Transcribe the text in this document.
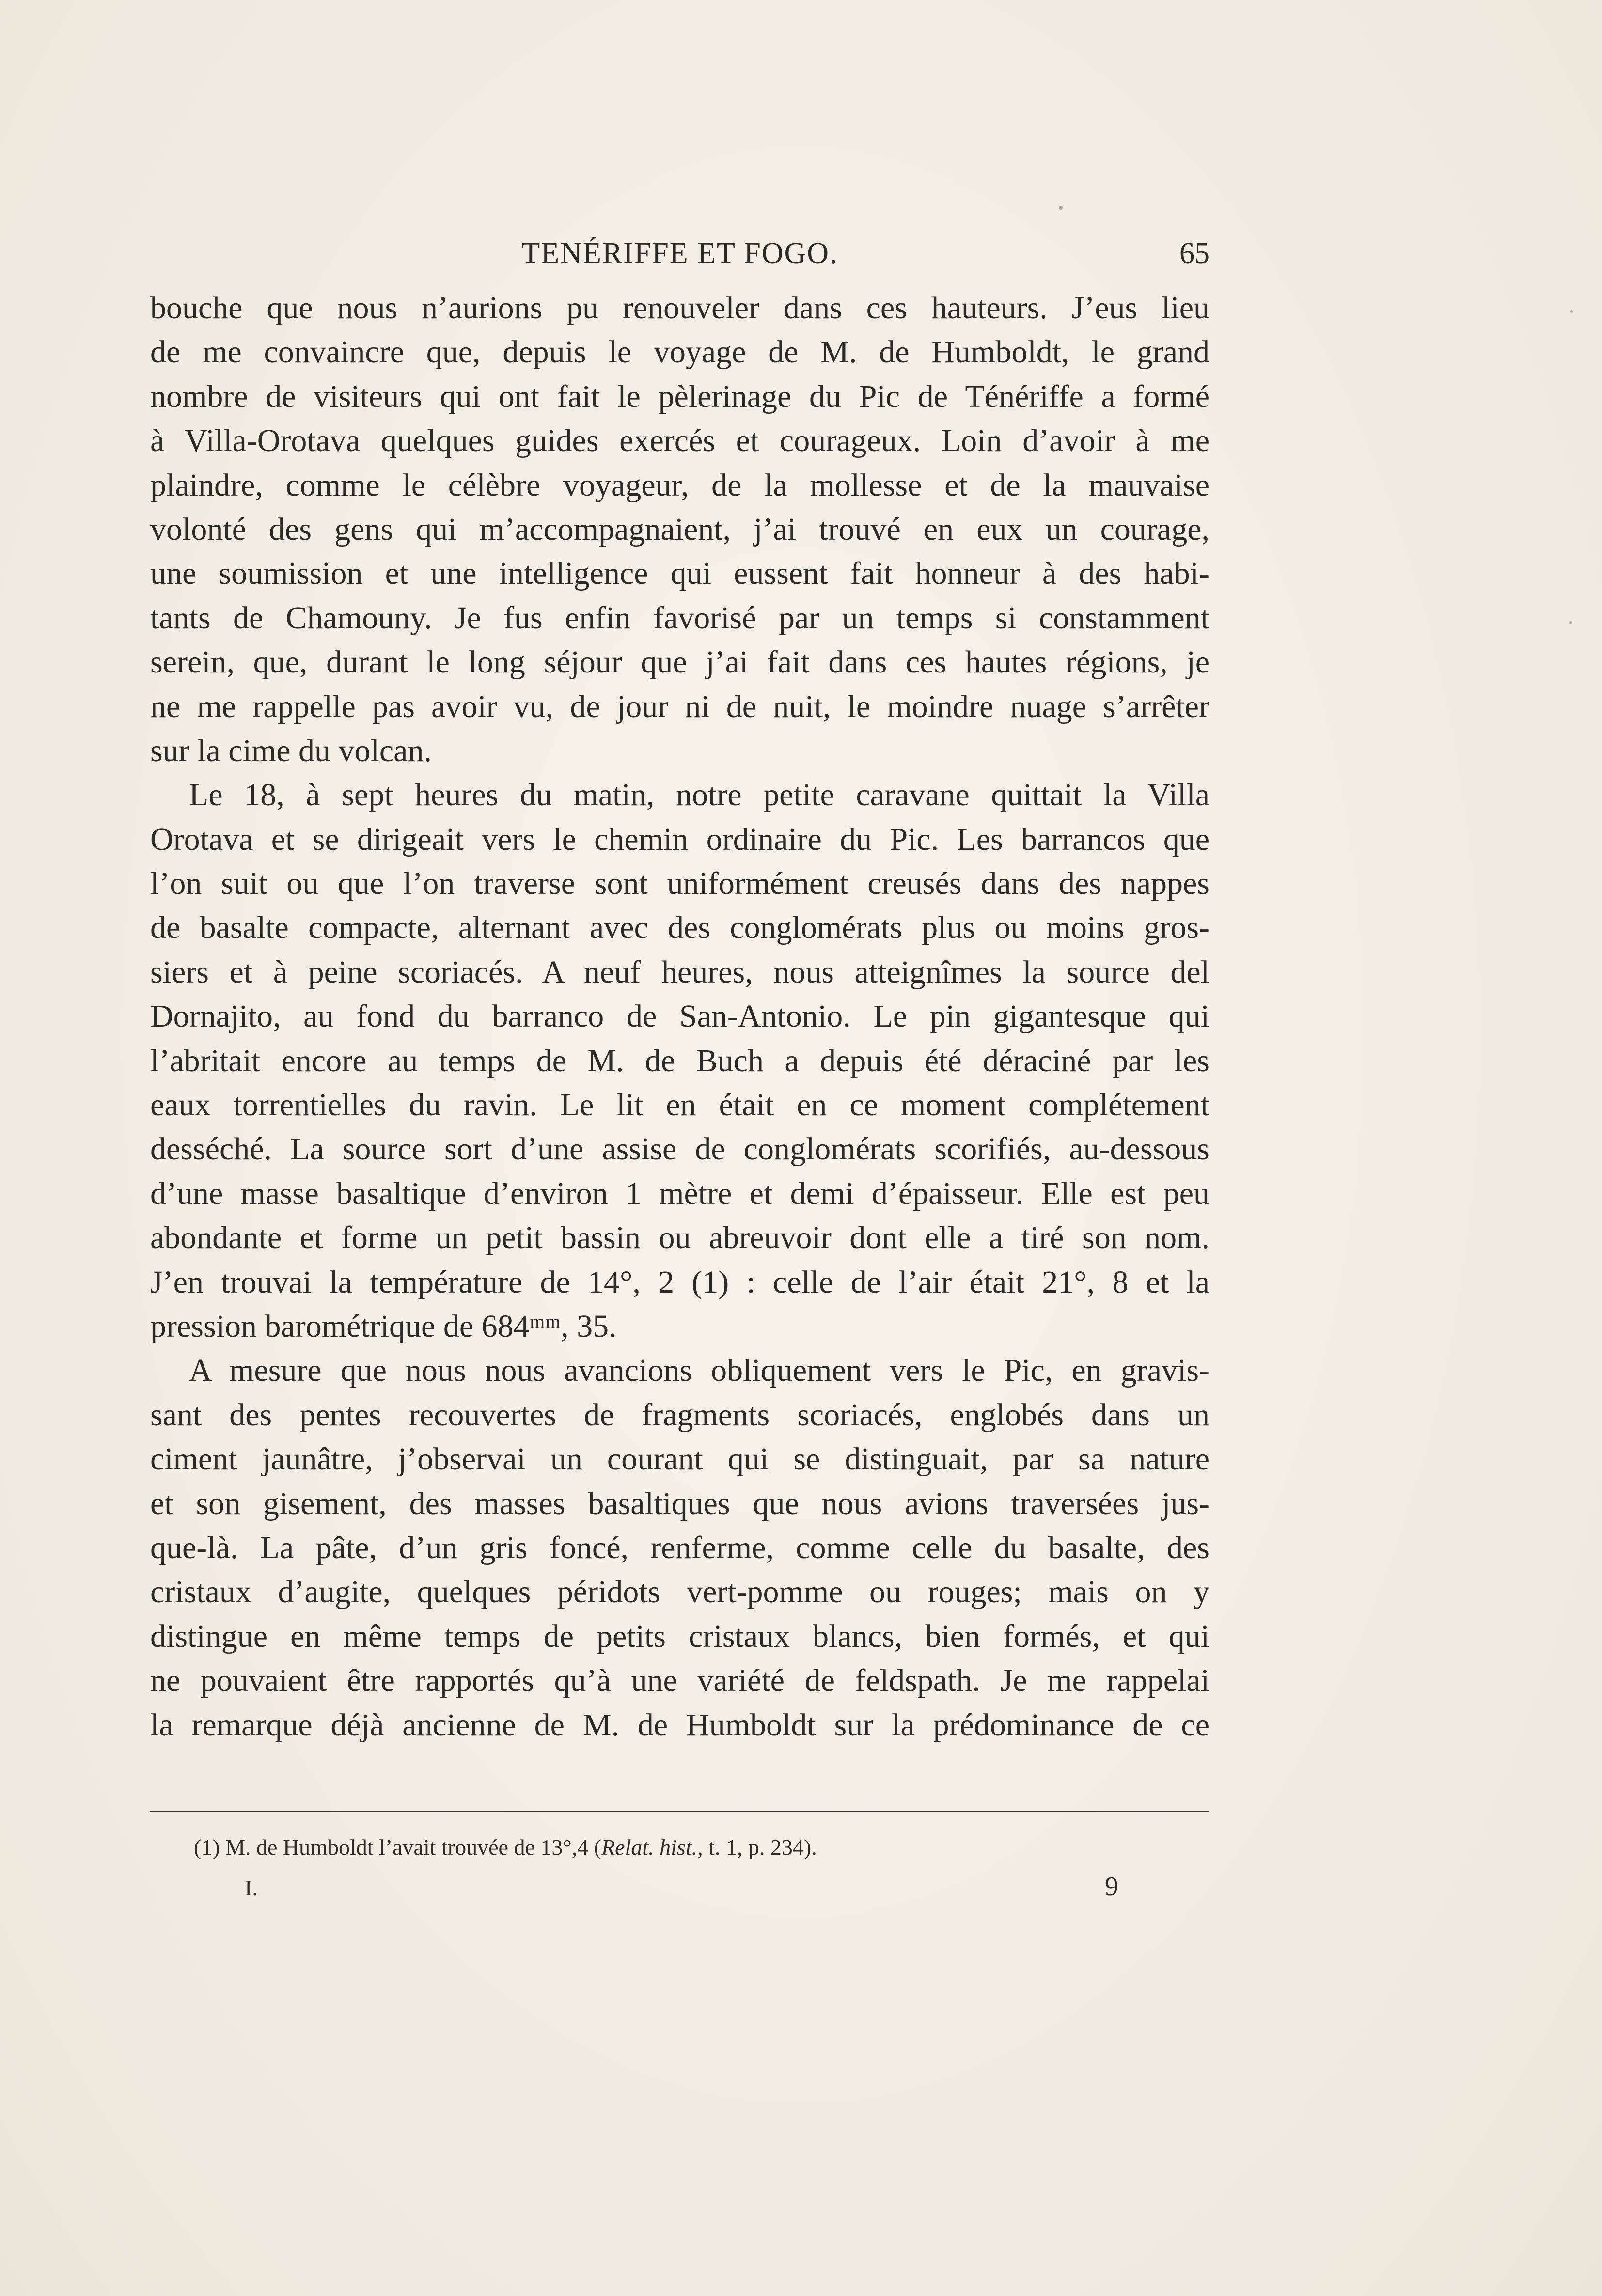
TENÉRIFFE ET FOGO.	65
bouche que nous n’aurions pu renouveler dans ces hauteurs. J’eus lieu
de me convaincre que, depuis le voyage de M. de Humboldt, le grand
nombre de visiteurs qui ont fait le pèlerinage du Pic de Ténériffe a formé
à Villa-Orotava quelques guides exercés et courageux. Loin d’avoir à me
plaindre, comme le célèbre voyageur, de la mollesse et de la mauvaise
volonté des gens qui m’accompagnaient, j’ai trouvé en eux un courage,
une soumission et une intelligence qui eussent fait honneur à des habi-
tants de Chamouny. Je fus enfin favorisé par un temps si constamment
serein, que, durant le long séjour que j’ai fait dans ces hautes régions, je
ne me rappelle pas avoir vu, de jour ni de nuit, le moindre nuage s’arrêter
sur la cime du volcan.
Le 18, à sept heures du matin, notre petite caravane quittait la Villa
Orotava et se dirigeait vers le chemin ordinaire du Pic. Les barrancos que
l’on suit ou que l’on traverse sont uniformément creusés dans des nappes
de basalte compacte, alternant avec des conglomérats plus ou moins gros-
siers et à peine scoriacés. A neuf heures, nous atteignîmes la source del
Dornajito, au fond du barranco de San-Antonio. Le pin gigantesque qui
l’abritait encore au temps de M. de Buch a depuis été déraciné par les
eaux torrentielles du ravin. Le lit en était en ce moment complétement
desséché. La source sort d’une assise de conglomérats scorifiés, au-dessous
d’une masse basaltique d’environ 1 mètre et demi d’épaisseur. Elle est peu
abondante et forme un petit bassin ou abreuvoir dont elle a tiré son nom.
J’en trouvai la température de 14°, 2 (1) : celle de l’air était 21°, 8 et la
pression barométrique de 684ᵐᵐ, 35.
A mesure que nous nous avancions obliquement vers le Pic, en gravis-
sant des pentes recouvertes de fragments scoriacés, englobés dans un
ciment jaunâtre, j’observai un courant qui se distinguait, par sa nature
et son gisement, des masses basaltiques que nous avions traversées jus-
que-là. La pâte, d’un gris foncé, renferme, comme celle du basalte, des
cristaux d’augite, quelques péridots vert-pomme ou rouges; mais on y
distingue en même temps de petits cristaux blancs, bien formés, et qui
ne pouvaient être rapportés qu’à une variété de feldspath. Je me rappelai
la remarque déjà ancienne de M. de Humboldt sur la prédominance de ce
(1) M. de Humboldt l’avait trouvée de 13°,4 (Relat. hist., t. 1, p. 234).
I.	9
